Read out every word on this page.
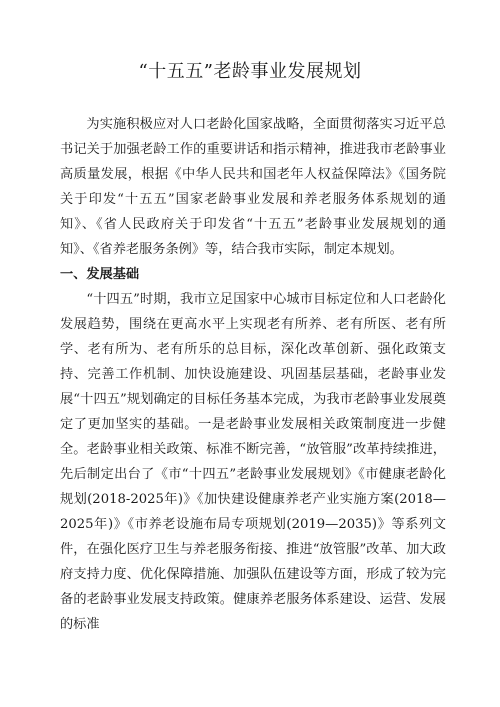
“十五五”老龄事业发展规划

为实施积极应对人口老龄化国家战略，全面贯彻落实习近平总书记关于加强老龄工作的重要讲话和指示精神，推进我市老龄事业高质量发展，根据《中华人民共和国老年人权益保障法》《国务院关于印发“十五五”国家老龄事业发展和养老服务体系规划的通知》、《省人民政府关于印发省“十五五”老龄事业发展规划的通知》、《省养老服务条例》等，结合我市实际，制定本规划。

一、发展基础

“十四五”时期，我市立足国家中心城市目标定位和人口老龄化发展趋势，围绕在更高水平上实现老有所养、老有所医、老有所学、老有所为、老有所乐的总目标，深化改革创新、强化政策支持、完善工作机制、加快设施建设、巩固基层基础，老龄事业发展“十四五”规划确定的目标任务基本完成，为我市老龄事业发展奠定了更加坚实的基础。一是老龄事业发展相关政策制度进一步健全。老龄事业相关政策、标准不断完善，“放管服”改革持续推进，先后制定出台了《市“十四五”老龄事业发展规划》《市健康老龄化规划(2018-2025年)》《加快建设健康养老产业实施方案(2018—2025年)》《市养老设施布局专项规划(2019—2035)》等系列文件，在强化医疗卫生与养老服务衔接、推进“放管服”改革、加大政府支持力度、优化保障措施、加强队伍建设等方面，形成了较为完备的老龄事业发展支持政策。健康养老服务体系建设、运营、发展的标准
